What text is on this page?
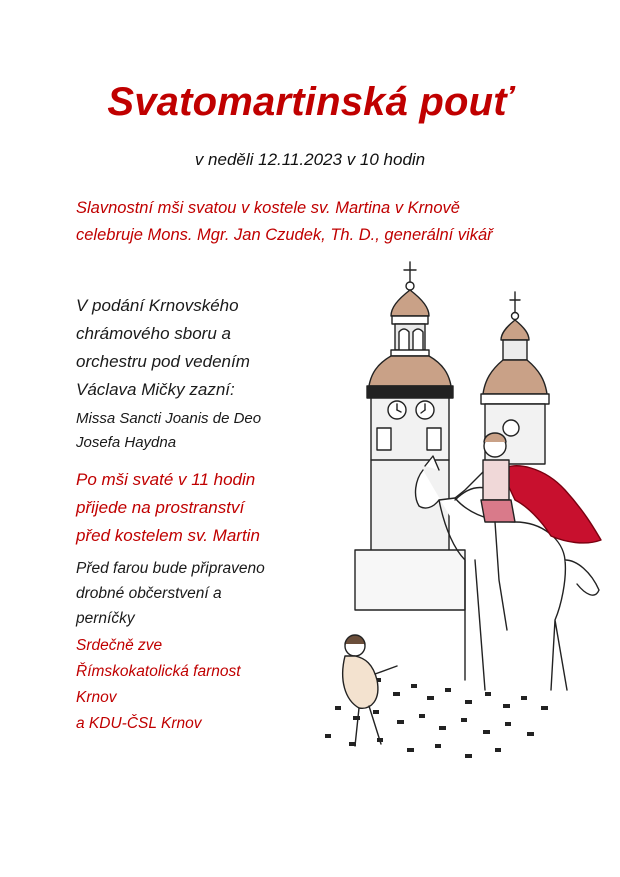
Svatomartinská pouť
v neděli 12.11.2023 v 10 hodin

Slavnostní mši svatou v kostele sv. Martina v Krnově
celebruje Mons. Mgr. Jan Czudek, Th. D., generální vikář

V podání Krnovského
chrámového sboru a
orchestru pod vedením
Václava Mičky zazní:

Missa Sancti Joanis de Deo
Josefa Haydna

Po mši svaté v 11 hodin
přijede na prostranství
před kostelem sv. Martin

Před farou bude připraveno
drobné občerstvení a
perníčky

Srdečně zve
Římskokatolická farnost
Krnov
a KDU-ČSL Krnov
